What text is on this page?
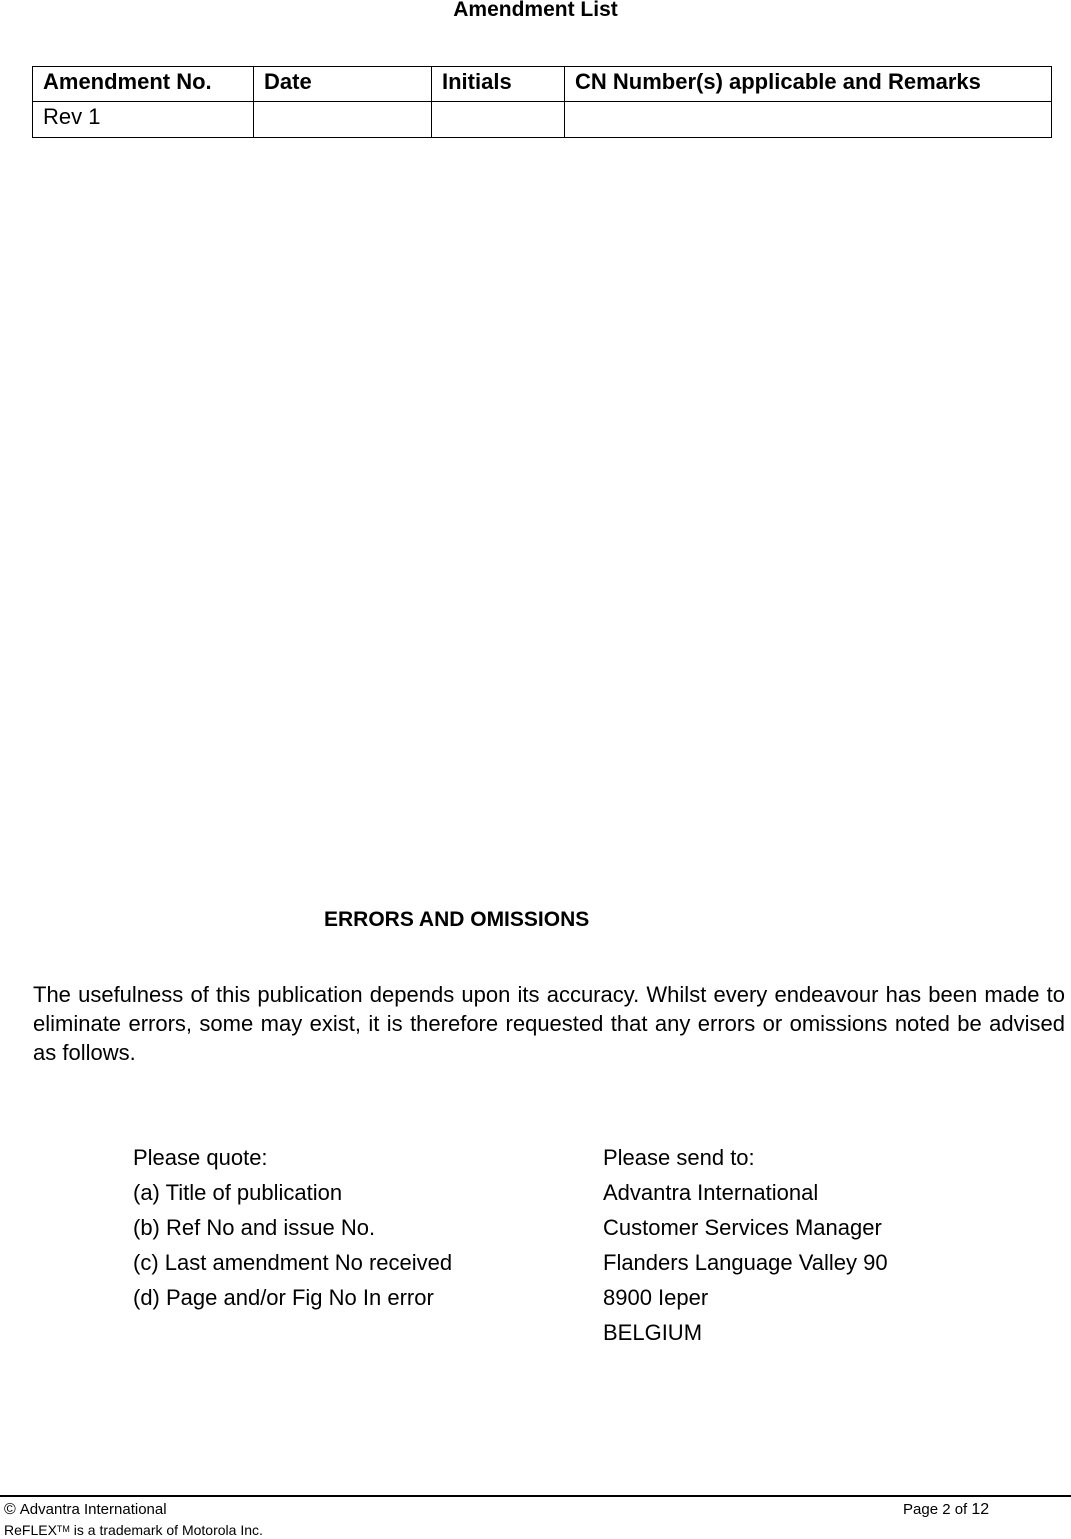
Amendment List
Amendment No.	Date	Initials	CN Number(s) applicable and Remarks
Rev 1			
ERRORS AND OMISSIONS
The usefulness of this publication depends upon its accuracy. Whilst every endeavour has been made to eliminate errors, some may exist, it is therefore requested that any errors or omissions noted be advised as follows.
Please quote:
(a) Title of publication
(b) Ref No and issue No.
(c) Last amendment No received
(d) Page and/or Fig No In error
Please send to:
Advantra International
Customer Services Manager
Flanders Language Valley 90
8900 Ieper
BELGIUM
© Advantra International	Page 2 of 12
ReFLEX™ is a trademark of Motorola Inc.
